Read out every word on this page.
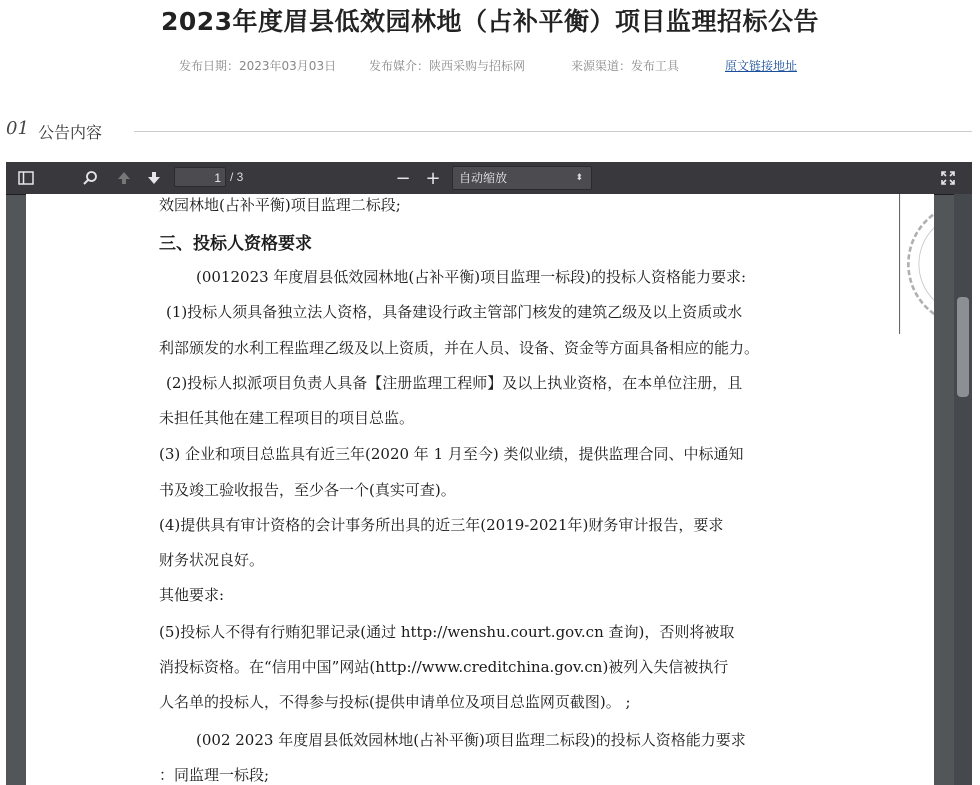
2023年度眉县低效园林地（占补平衡）项目监理招标公告
发布日期：2023年03月03日	发布媒介：陕西采购与招标网	来源渠道：发布工具	原文链接地址
01 公告内容
1 / 3	− +	自动缩放	⬍

效园林地(占补平衡)项目监理二标段;

三、投标人资格要求

(0012023 年度眉县低效园林地(占补平衡)项目监理一标段)的投标人资格能力要求:

(1)投标人须具备独立法人资格，具备建设行政主管部门核发的建筑乙级及以上资质或水

利部颁发的水利工程监理乙级及以上资质，并在人员、设备、资金等方面具备相应的能力。

(2)投标人拟派项目负责人具备【注册监理工程师】及以上执业资格，在本单位注册，且

未担任其他在建工程项目的项目总监。

(3) 企业和项目总监具有近三年(2020 年 1 月至今) 类似业绩，提供监理合同、中标通知

书及竣工验收报告，至少各一个(真实可查)。

(4)提供具有审计资格的会计事务所出具的近三年(2019-2021年)财务审计报告，要求

财务状况良好。

其他要求:

(5)投标人不得有行贿犯罪记录(通过 http://wenshu.court.gov.cn 查询)，否则将被取

消投标资格。在“信用中国”网站(http://www.creditchina.gov.cn)被列入失信被执行

人名单的投标人，不得参与投标(提供申请单位及项目总监网页截图)。 ;

(002 2023 年度眉县低效园林地(占补平衡)项目监理二标段)的投标人资格能力要求

：同监理一标段;
